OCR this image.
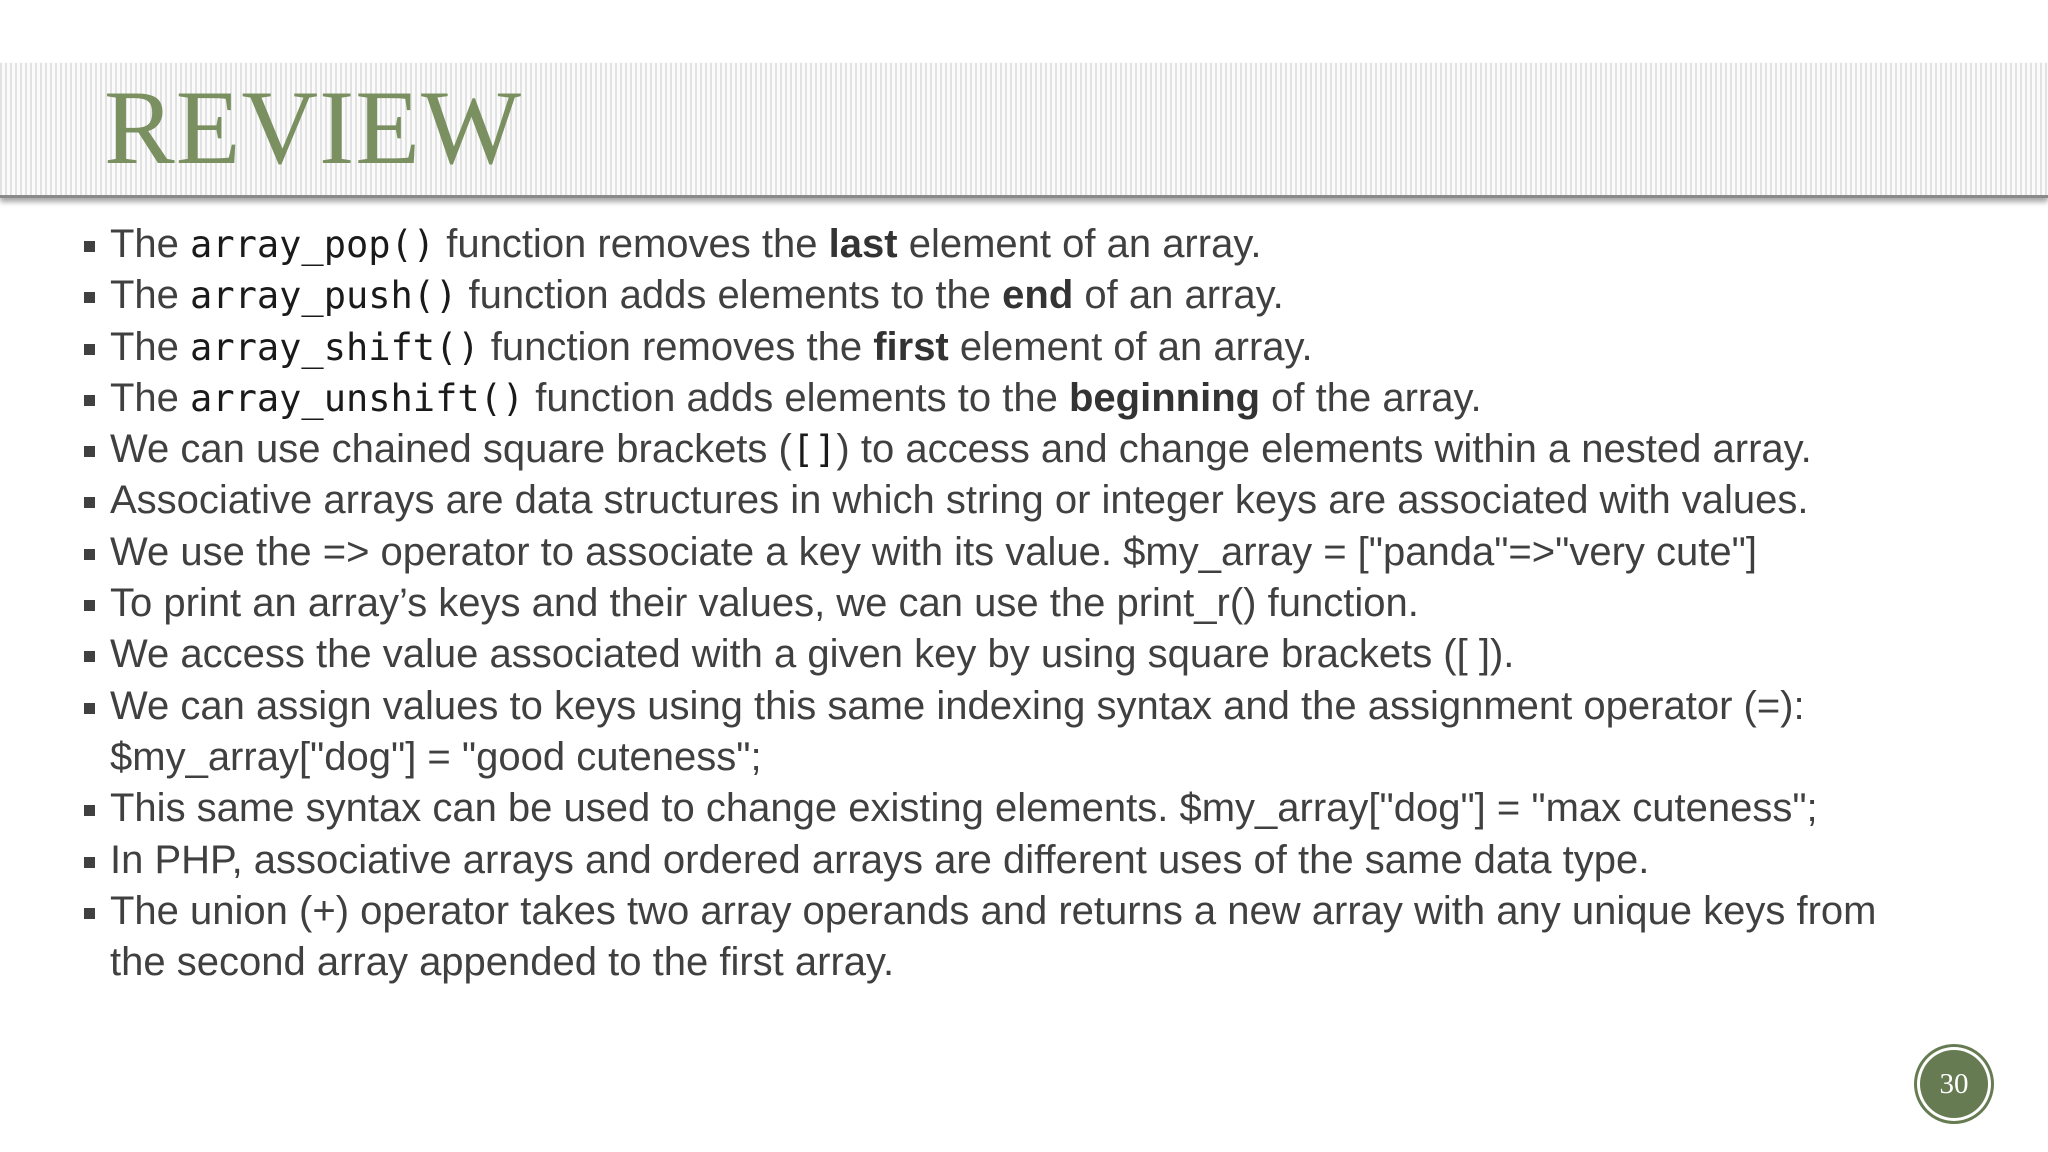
REVIEW
The array_pop() function removes the last element of an array.
The array_push() function adds elements to the end of an array.
The array_shift() function removes the first element of an array.
The array_unshift() function adds elements to the beginning of the array.
We can use chained square brackets ([]) to access and change elements within a nested array.
Associative arrays are data structures in which string or integer keys are associated with values.
We use the => operator to associate a key with its value. $my_array = ["panda"=>"very cute"]
To print an array’s keys and their values, we can use the print_r() function.
We access the value associated with a given key by using square brackets ([ ]).
We can assign values to keys using this same indexing syntax and the assignment operator (=): $my_array["dog"] = "good cuteness";
This same syntax can be used to change existing elements. $my_array["dog"] = "max cuteness";
In PHP, associative arrays and ordered arrays are different uses of the same data type.
The union (+) operator takes two array operands and returns a new array with any unique keys from the second array appended to the first array.
30
